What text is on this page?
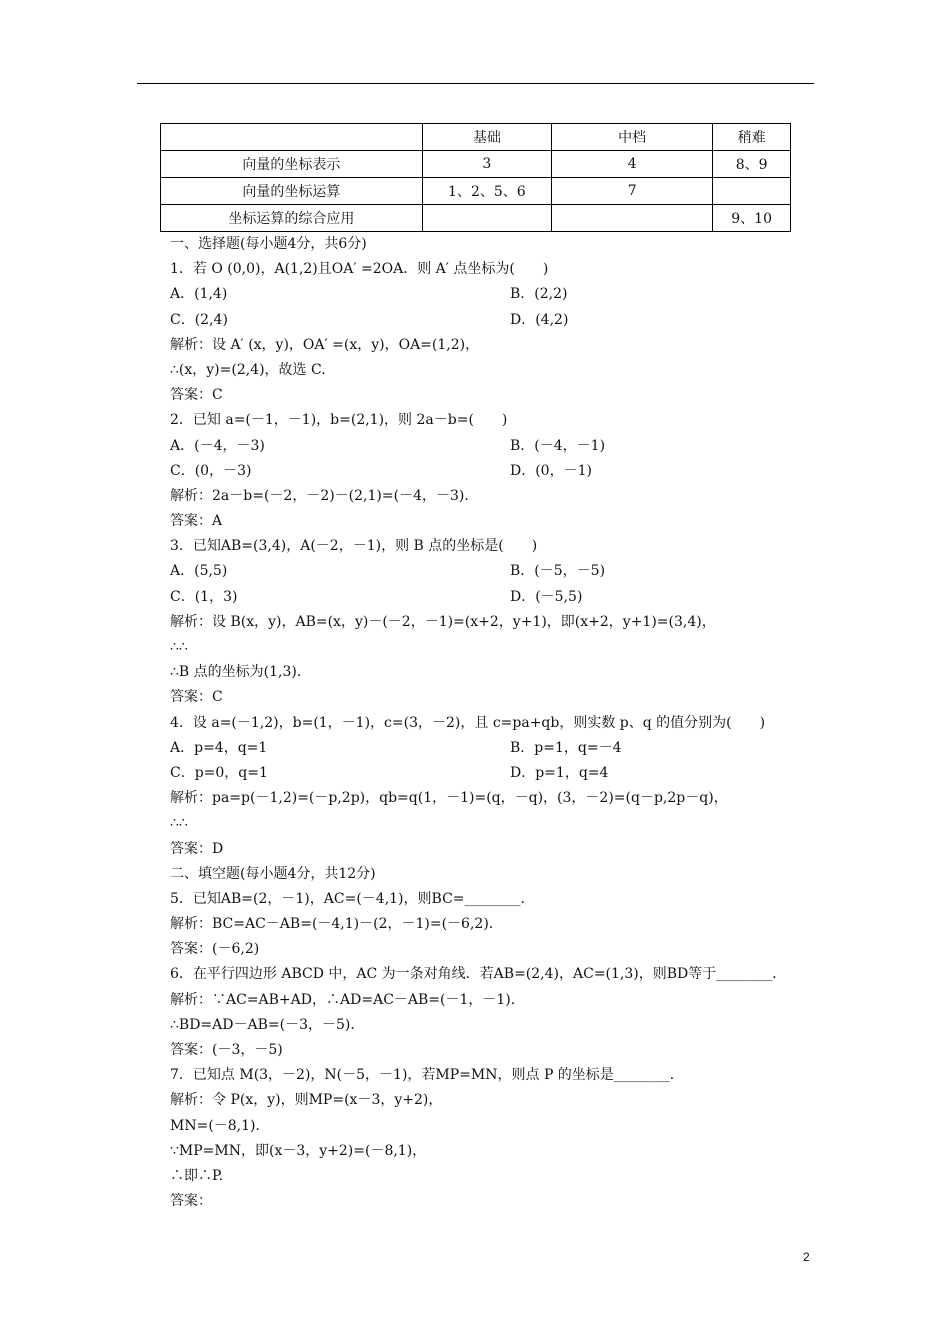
	基础	中档	稍难
向量的坐标表示	3	4	8、9
向量的坐标运算	1、2、5、6	7	
坐标运算的综合应用			9、10
一、选择题(每小题4分，共6分)
1．若 O (0,0)，A(1,2)且OA′ =2OA．则 A′ 点坐标为(　　)
A．(1,4)	B．(2,2)
C．(2,4)	D．(4,2)
解析：设 A′ (x，y)，OA′ =(x，y)，OA=(1,2)，
∴(x，y)=(2,4)，故选 C.
答案：C
2．已知 a=(－1，－1)，b=(2,1)，则 2a－b=(　　)
A．(－4，－3)	B．(－4，－1)
C．(0，－3)	D．(0，－1)
解析：2a－b=(－2，－2)－(2,1)=(－4，－3)．
答案：A
3．已知AB=(3,4)，A(－2，－1)，则 B 点的坐标是(　　)
A．(5,5)	B．(－5，－5)
C．(1，3)	D．(－5,5)
解析：设 B(x，y)，AB=(x，y)－(－2，－1)=(x+2，y+1)，即(x+2，y+1)=(3,4)，
∴∴
∴B 点的坐标为(1,3)．
答案：C
4．设 a=(－1,2)，b=(1，－1)，c=(3，－2)，且 c=pa+qb，则实数 p、q 的值分别为(　　)
A．p=4，q=1	B．p=1，q=－4
C．p=0，q=1	D．p=1，q=4
解析：pa=p(－1,2)=(－p,2p)，qb=q(1，－1)=(q，－q)，(3，－2)=(q－p,2p－q)，
∴∴
答案：D
二、填空题(每小题4分，共12分)
5．已知AB=(2，－1)，AC=(－4,1)，则BC=________．
解析：BC=AC－AB=(－4,1)－(2，－1)=(－6,2)．
答案：(－6,2)
6．在平行四边形 ABCD 中，AC 为一条对角线．若AB=(2,4)，AC=(1,3)，则BD等于________．
解析：∵AC=AB+AD，∴AD=AC－AB=(－1，－1)．
∴BD=AD－AB=(－3，－5)．
答案：(－3，－5)
7．已知点 M(3，－2)，N(－5，－1)，若MP=MN，则点 P 的坐标是________．
解析：令 P(x，y)，则MP=(x－3，y+2)，
MN=(－8,1)．
∵MP=MN，即(x－3，y+2)=(－8,1)，
∴即∴P.
答案：
2
